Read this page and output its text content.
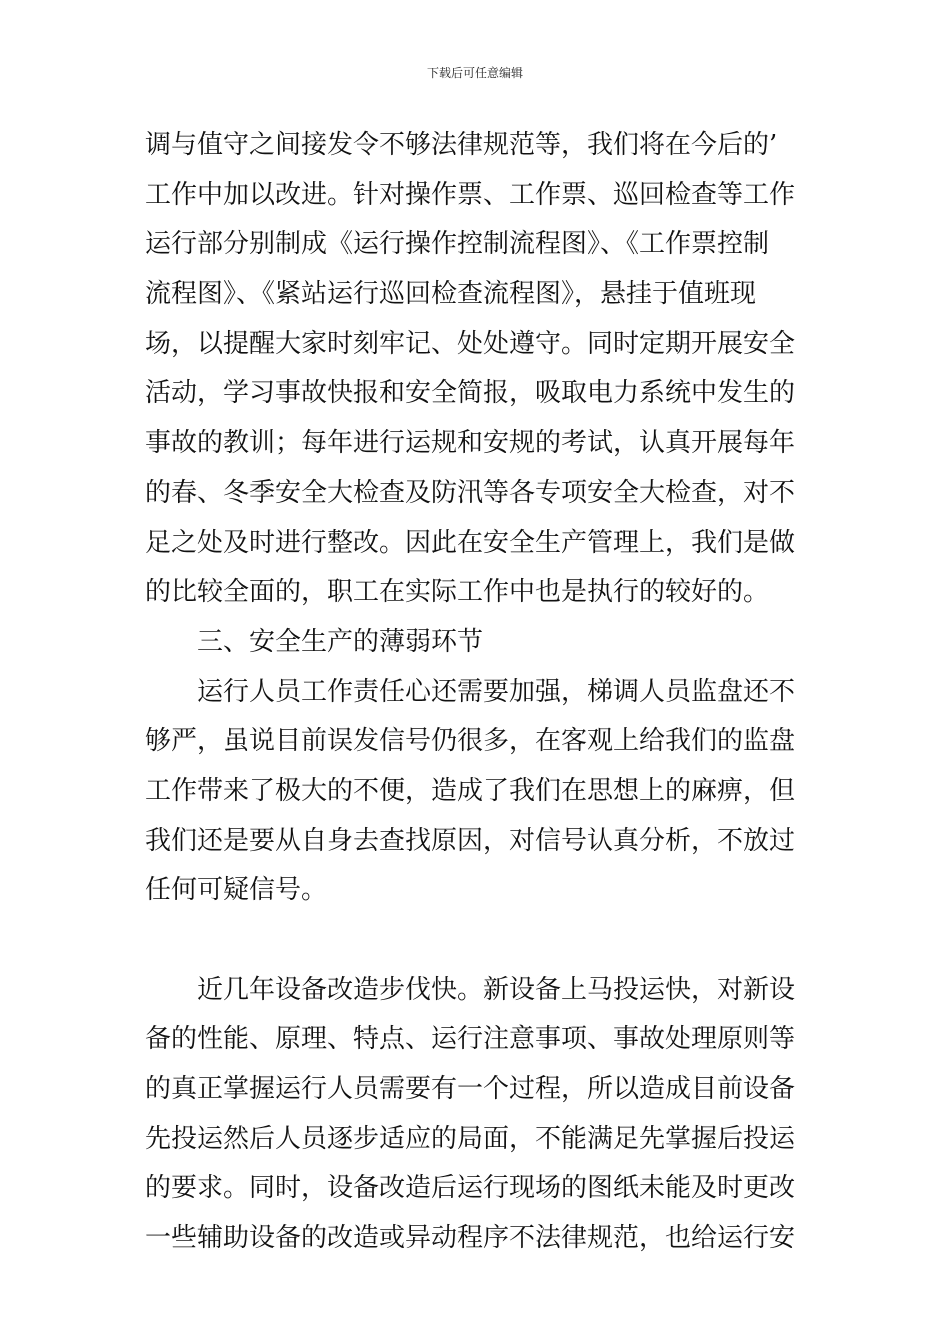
下载后可任意编辑
调与值守之间接发令不够法律规范等，我们将在今后的’
工作中加以改进。针对操作票、工作票、巡回检查等工作
运行部分别制成《运行操作控制流程图》、《工作票控制
流程图》、《紧站运行巡回检查流程图》，悬挂于值班现
场，以提醒大家时刻牢记、处处遵守。同时定期开展安全
活动，学习事故快报和安全简报，吸取电力系统中发生的
事故的教训；每年进行运规和安规的考试，认真开展每年
的春、冬季安全大检查及防汛等各专项安全大检查，对不
足之处及时进行整改。因此在安全生产管理上，我们是做
的比较全面的，职工在实际工作中也是执行的较好的。
三、安全生产的薄弱环节
运行人员工作责任心还需要加强，梯调人员监盘还不
够严，虽说目前误发信号仍很多，在客观上给我们的监盘
工作带来了极大的不便，造成了我们在思想上的麻痹，但
我们还是要从自身去查找原因，对信号认真分析，不放过
任何可疑信号。
近几年设备改造步伐快。新设备上马投运快，对新设
备的性能、原理、特点、运行注意事项、事故处理原则等
的真正掌握运行人员需要有一个过程，所以造成目前设备
先投运然后人员逐步适应的局面，不能满足先掌握后投运
的要求。同时，设备改造后运行现场的图纸未能及时更改
一些辅助设备的改造或异动程序不法律规范，也给运行安
